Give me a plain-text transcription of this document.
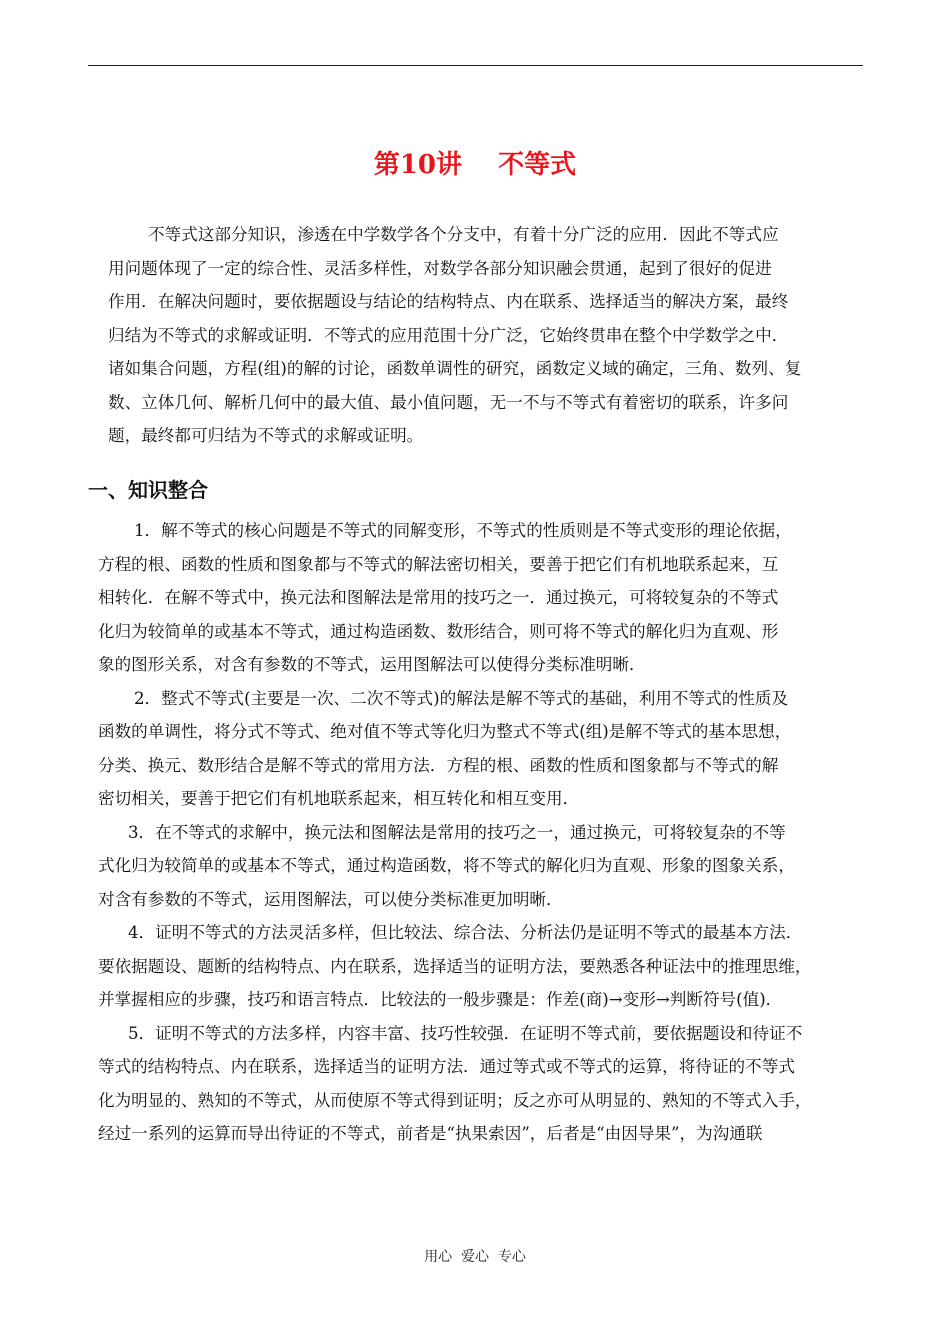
第10讲    不等式
不等式这部分知识，渗透在中学数学各个分支中，有着十分广泛的应用．因此不等式应
用问题体现了一定的综合性、灵活多样性，对数学各部分知识融会贯通，起到了很好的促进
作用．在解决问题时，要依据题设与结论的结构特点、内在联系、选择适当的解决方案，最终
归结为不等式的求解或证明．不等式的应用范围十分广泛，它始终贯串在整个中学数学之中．
诸如集合问题，方程(组)的解的讨论，函数单调性的研究，函数定义域的确定，三角、数列、复
数、立体几何、解析几何中的最大值、最小值问题，无一不与不等式有着密切的联系，许多问
题，最终都可归结为不等式的求解或证明。
一、知识整合
1．解不等式的核心问题是不等式的同解变形，不等式的性质则是不等式变形的理论依据，
方程的根、函数的性质和图象都与不等式的解法密切相关，要善于把它们有机地联系起来，互
相转化．在解不等式中，换元法和图解法是常用的技巧之一．通过换元，可将较复杂的不等式
化归为较简单的或基本不等式，通过构造函数、数形结合，则可将不等式的解化归为直观、形
象的图形关系，对含有参数的不等式，运用图解法可以使得分类标准明晰．
2．整式不等式(主要是一次、二次不等式)的解法是解不等式的基础，利用不等式的性质及
函数的单调性，将分式不等式、绝对值不等式等化归为整式不等式(组)是解不等式的基本思想，
分类、换元、数形结合是解不等式的常用方法．方程的根、函数的性质和图象都与不等式的解
密切相关，要善于把它们有机地联系起来，相互转化和相互变用．
3．在不等式的求解中，换元法和图解法是常用的技巧之一，通过换元，可将较复杂的不等
式化归为较简单的或基本不等式，通过构造函数，将不等式的解化归为直观、形象的图象关系，
对含有参数的不等式，运用图解法，可以使分类标准更加明晰．
4．证明不等式的方法灵活多样，但比较法、综合法、分析法仍是证明不等式的最基本方法．
要依据题设、题断的结构特点、内在联系，选择适当的证明方法，要熟悉各种证法中的推理思维，
并掌握相应的步骤，技巧和语言特点．比较法的一般步骤是：作差(商)→变形→判断符号(值)．
5．证明不等式的方法多样，内容丰富、技巧性较强．在证明不等式前，要依据题设和待证不
等式的结构特点、内在联系，选择适当的证明方法．通过等式或不等式的运算，将待证的不等式
化为明显的、熟知的不等式，从而使原不等式得到证明；反之亦可从明显的、熟知的不等式入手，
经过一系列的运算而导出待证的不等式，前者是“执果索因”，后者是“由因导果”，为沟通联
用心  爱心  专心
